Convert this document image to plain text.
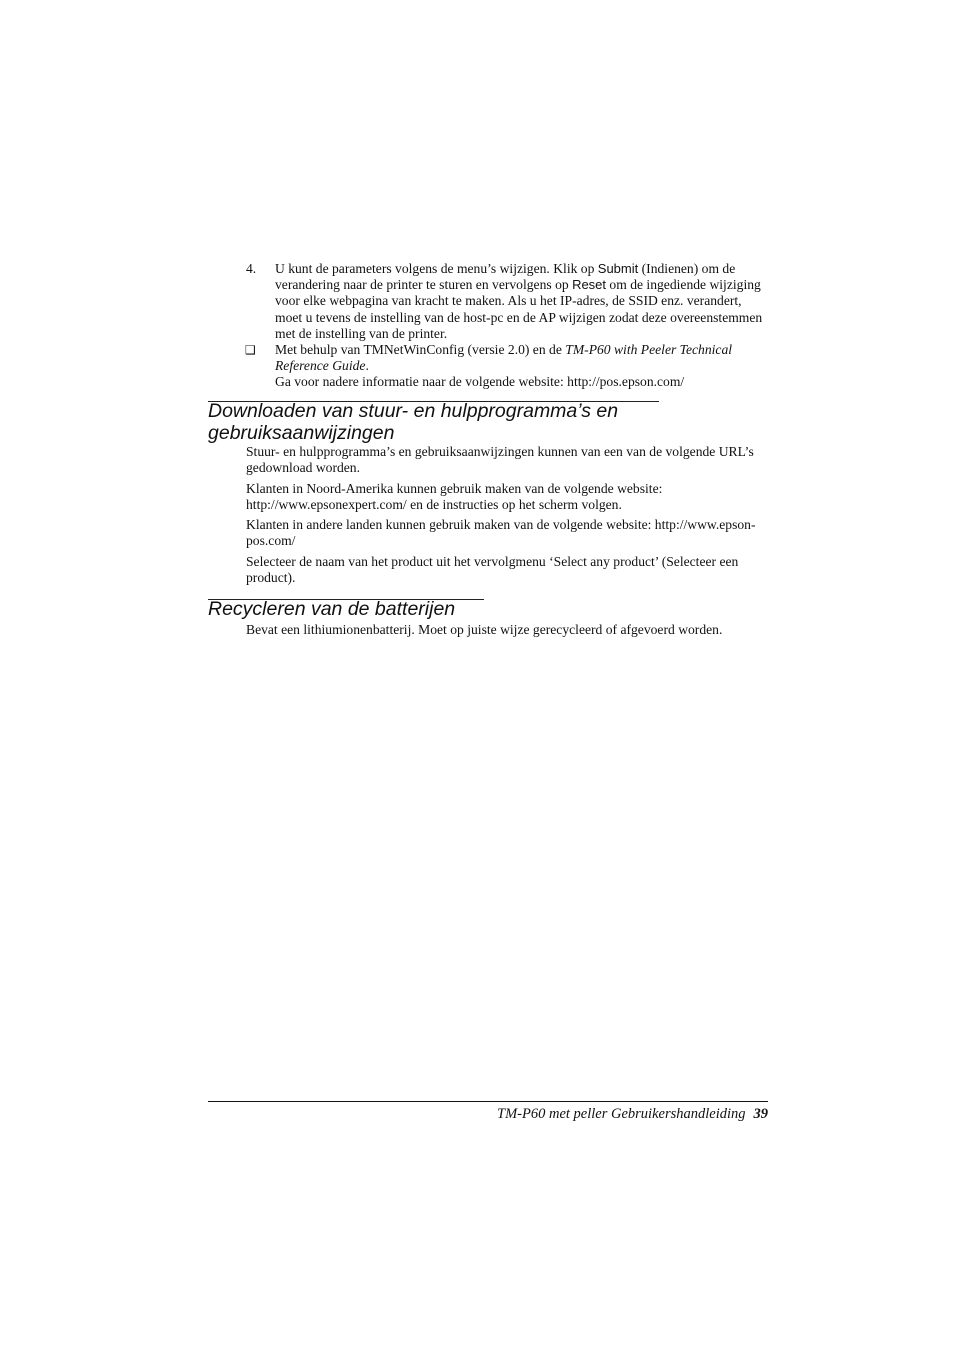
4.	U kunt de parameters volgens de menu’s wijzigen. Klik op Submit (Indienen) om de verandering naar de printer te sturen en vervolgens op Reset om de ingediende wijziging voor elke webpagina van kracht te maken. Als u het IP-adres, de SSID enz. verandert, moet u tevens de instelling van de host-pc en de AP wijzigen zodat deze overeenstemmen met de instelling van de printer.
❑ Met behulp van TMNetWinConfig (versie 2.0) en de TM-P60 with Peeler Technical Reference Guide.
Ga voor nadere informatie naar de volgende website: http://pos.epson.com/
Downloaden van stuur- en hulpprogramma’s en
gebruiksaanwijzingen

Stuur- en hulpprogramma’s en gebruiksaanwijzingen kunnen van een van de volgende URL’s gedownload worden.

Klanten in Noord-Amerika kunnen gebruik maken van de volgende website: http://www.epsonexpert.com/ en de instructies op het scherm volgen.

Klanten in andere landen kunnen gebruik maken van de volgende website: http://www.epson-pos.com/

Selecteer de naam van het product uit het vervolgmenu ‘Select any product’ (Selecteer een product).

Recycleren van de batterijen

Bevat een lithiumionenbatterij. Moet op juiste wijze gerecycleerd of afgevoerd worden.

TM-P60 met peller Gebruikershandleiding 39
